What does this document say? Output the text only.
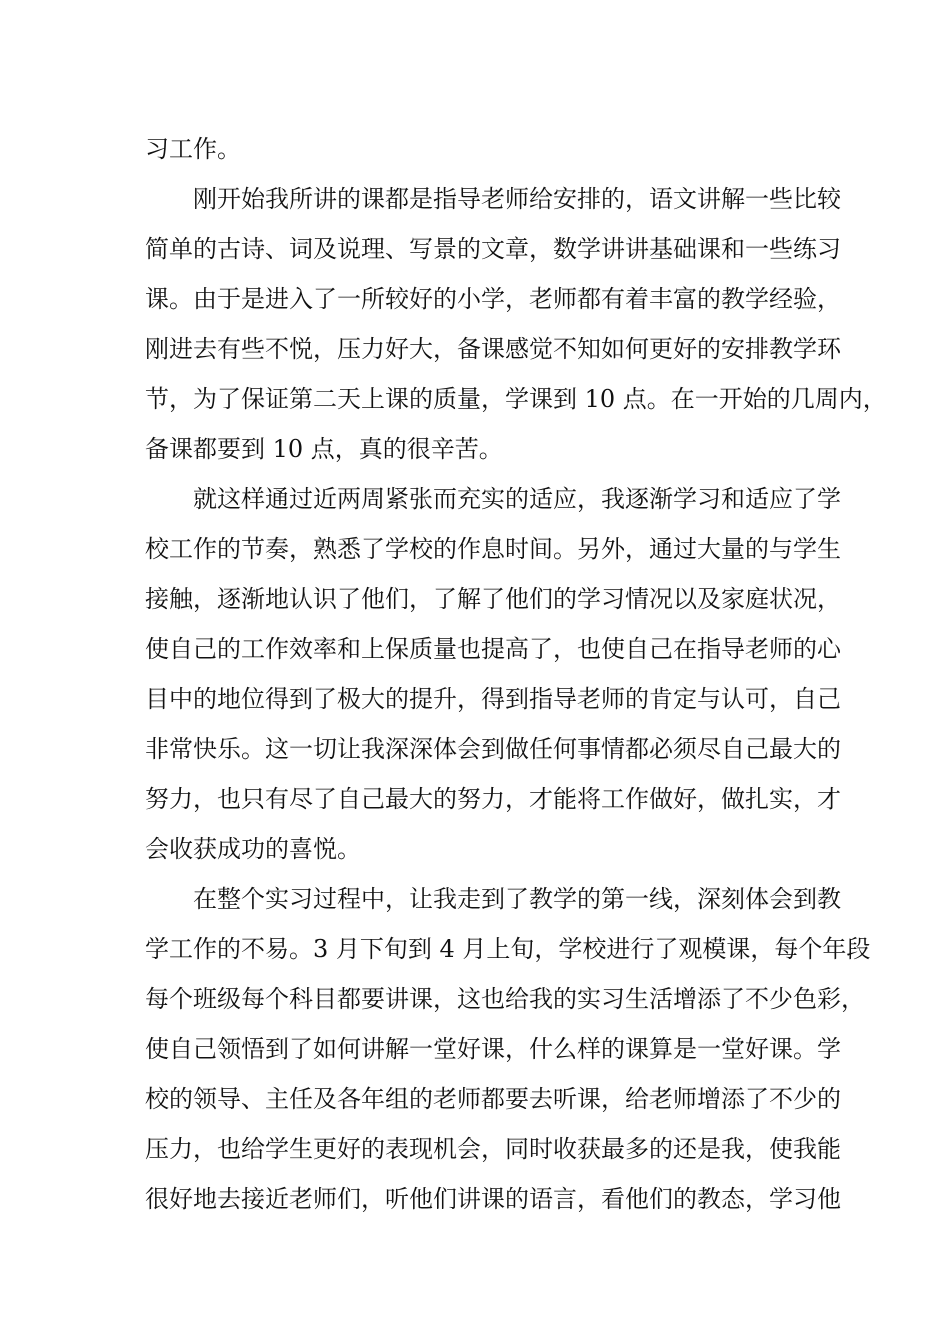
习工作。
刚开始我所讲的课都是指导老师给安排的，语文讲解一些比较
简单的古诗、词及说理、写景的文章，数学讲讲基础课和一些练习
课。由于是进入了一所较好的小学，老师都有着丰富的教学经验，
刚进去有些不悦，压力好大，备课感觉不知如何更好的安排教学环
节，为了保证第二天上课的质量，学课到 10 点。在一开始的几周内，
备课都要到 10 点，真的很辛苦。
就这样通过近两周紧张而充实的适应，我逐渐学习和适应了学
校工作的节奏，熟悉了学校的作息时间。另外，通过大量的与学生
接触，逐渐地认识了他们，了解了他们的学习情况以及家庭状况，
使自己的工作效率和上保质量也提高了，也使自己在指导老师的心
目中的地位得到了极大的提升，得到指导老师的肯定与认可，自己
非常快乐。这一切让我深深体会到做任何事情都必须尽自己最大的
努力，也只有尽了自己最大的努力，才能将工作做好，做扎实，才
会收获成功的喜悦。
在整个实习过程中，让我走到了教学的第一线，深刻体会到教
学工作的不易。3 月下旬到 4 月上旬，学校进行了观模课，每个年段
每个班级每个科目都要讲课，这也给我的实习生活增添了不少色彩，
使自己领悟到了如何讲解一堂好课，什么样的课算是一堂好课。学
校的领导、主任及各年组的老师都要去听课，给老师增添了不少的
压力，也给学生更好的表现机会，同时收获最多的还是我，使我能
很好地去接近老师们，听他们讲课的语言，看他们的教态，学习他
